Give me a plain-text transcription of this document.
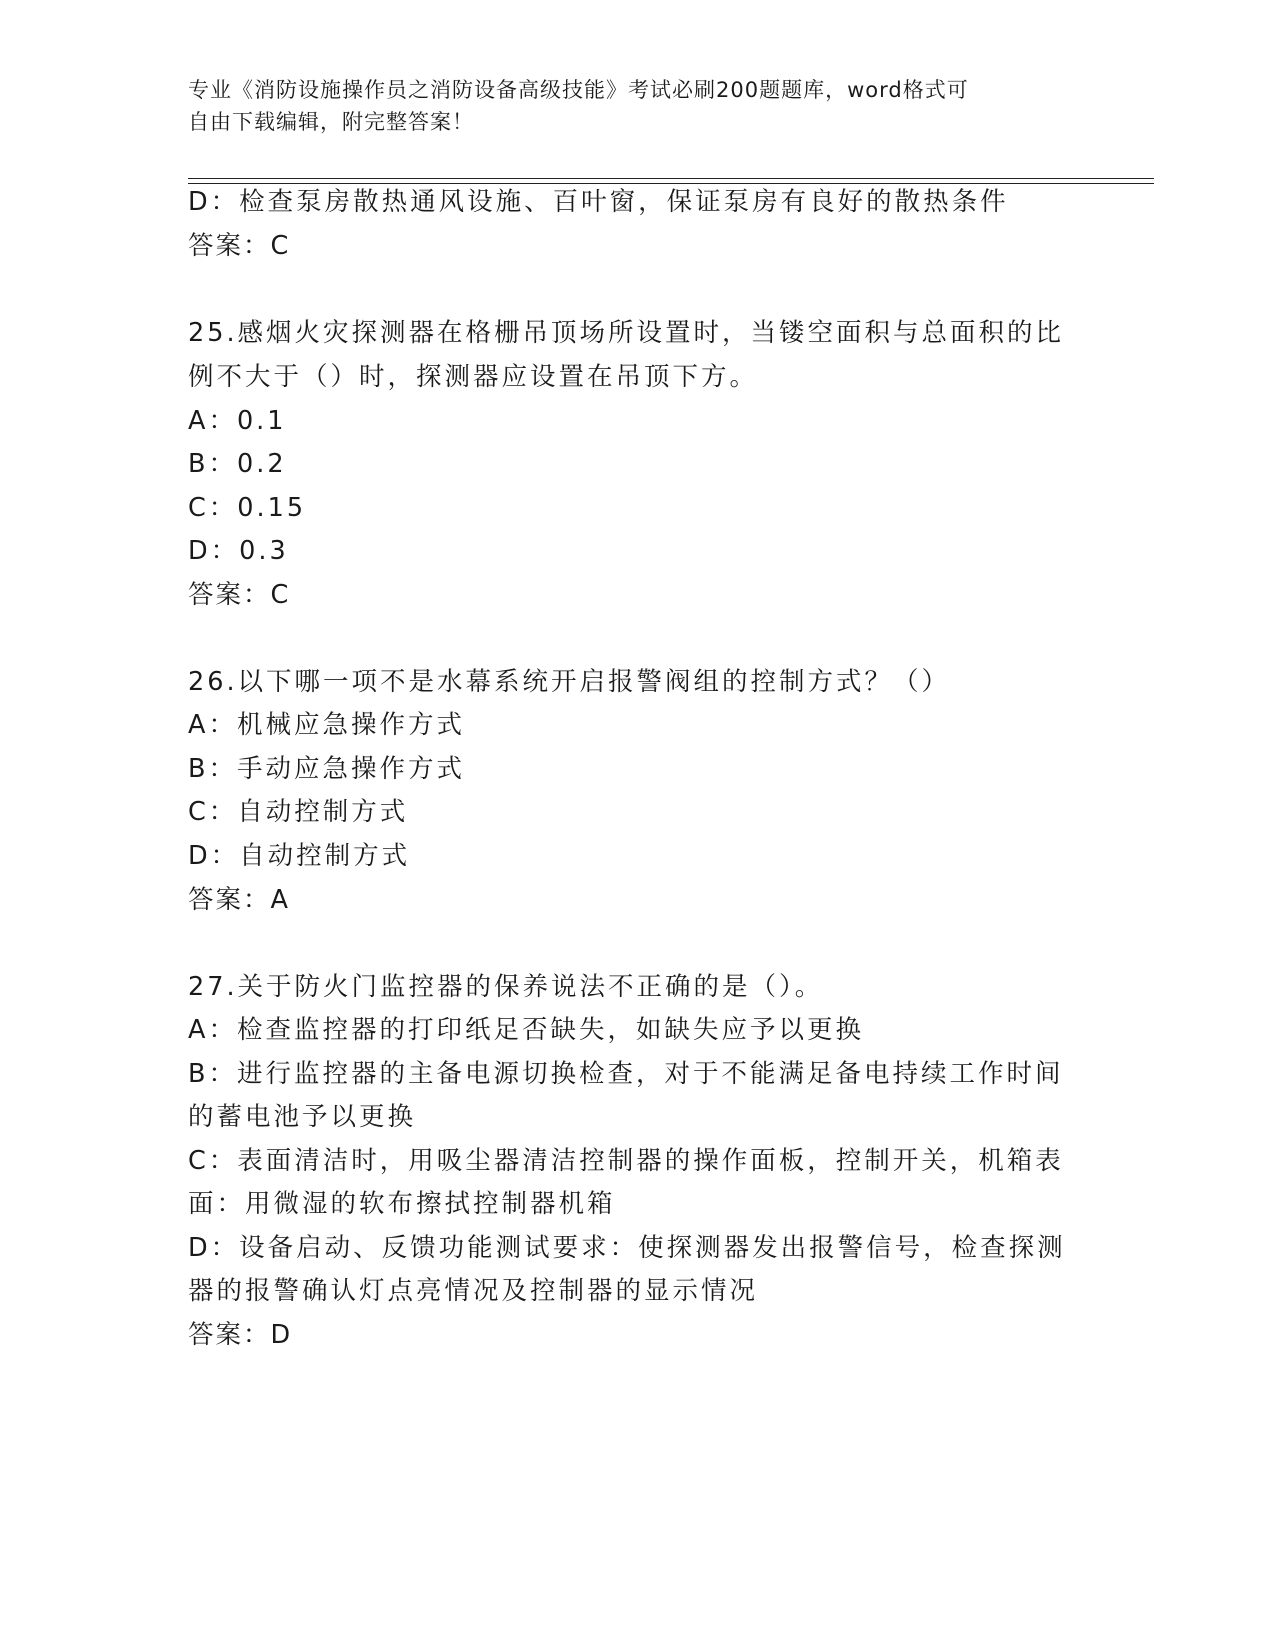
专业《消防设施操作员之消防设备高级技能》考试必刷200题题库，word格式可
自由下载编辑，附完整答案！
D：检查泵房散热通风设施、百叶窗，保证泵房有良好的散热条件
答案：C
25.感烟火灾探测器在格栅吊顶场所设置时，当镂空面积与总面积的比
例不大于（）时，探测器应设置在吊顶下方。
A：0.1
B：0.2
C：0.15
D：0.3
答案：C
26.以下哪一项不是水幕系统开启报警阀组的控制方式？（）
A：机械应急操作方式
B：手动应急操作方式
C：自动控制方式
D：自动控制方式
答案：A
27.关于防火门监控器的保养说法不正确的是（）。
A：检查监控器的打印纸足否缺失，如缺失应予以更换
B：进行监控器的主备电源切换检查，对于不能满足备电持续工作时间
的蓄电池予以更换
C：表面清洁时，用吸尘器清洁控制器的操作面板，控制开关，机箱表
面：用微湿的软布擦拭控制器机箱
D：设备启动、反馈功能测试要求：使探测器发出报警信号，检查探测
器的报警确认灯点亮情况及控制器的显示情况
答案：D
